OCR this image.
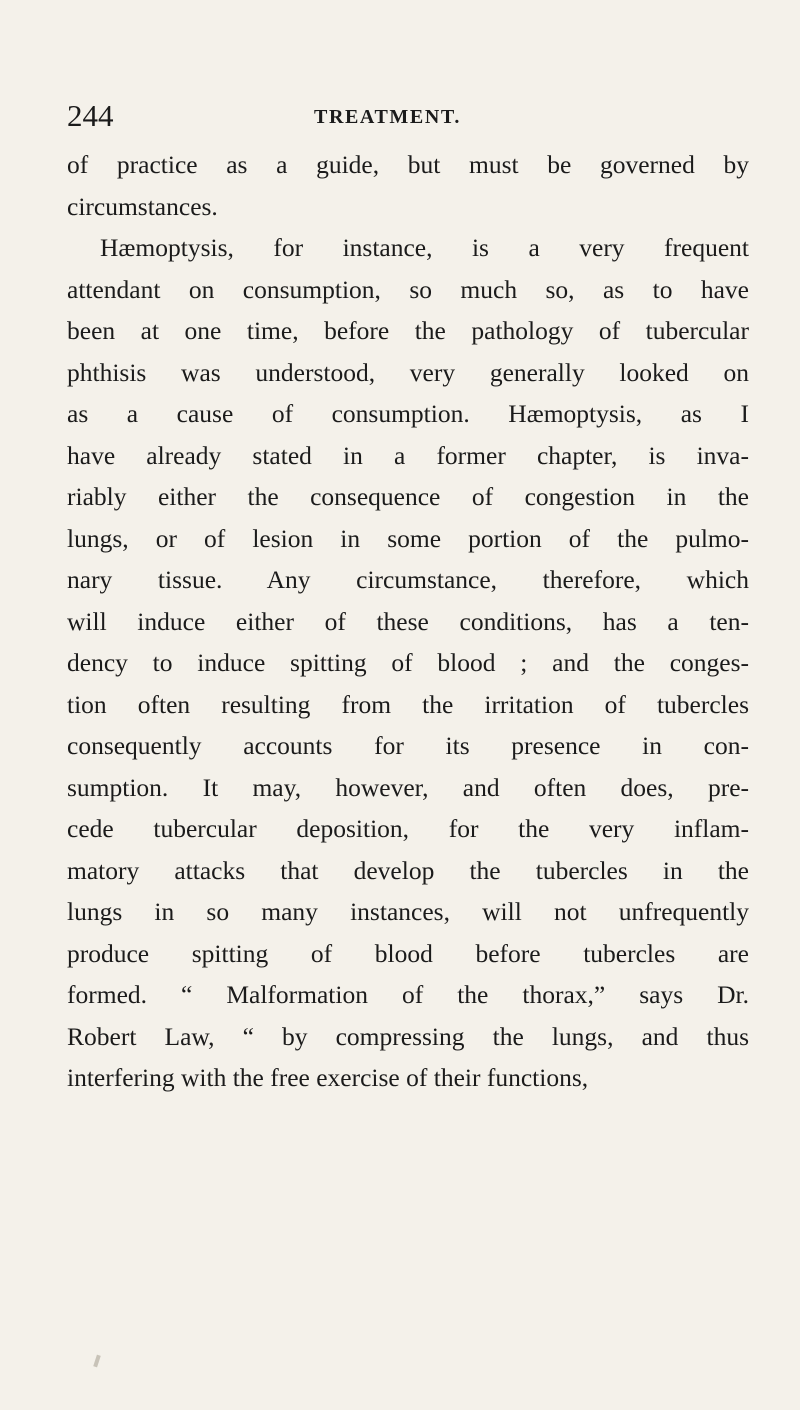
244	TREATMENT.
of practice as a guide, but must be governed by
circumstances.
Hæmoptysis, for instance, is a very frequent
attendant on consumption, so much so, as to have
been at one time, before the pathology of tubercular
phthisis was understood, very generally looked on
as a cause of consumption. Hæmoptysis, as I
have already stated in a former chapter, is inva-
riably either the consequence of congestion in the
lungs, or of lesion in some portion of the pulmo-
nary tissue. Any circumstance, therefore, which
will induce either of these conditions, has a ten-
dency to induce spitting of blood ; and the conges-
tion often resulting from the irritation of tubercles
consequently accounts for its presence in con-
sumption. It may, however, and often does, pre-
cede tubercular deposition, for the very inflam-
matory attacks that develop the tubercles in the
lungs in so many instances, will not unfrequently
produce spitting of blood before tubercles are
formed. “ Malformation of the thorax,” says Dr.
Robert Law, “ by compressing the lungs, and thus
interfering with the free exercise of their functions,
